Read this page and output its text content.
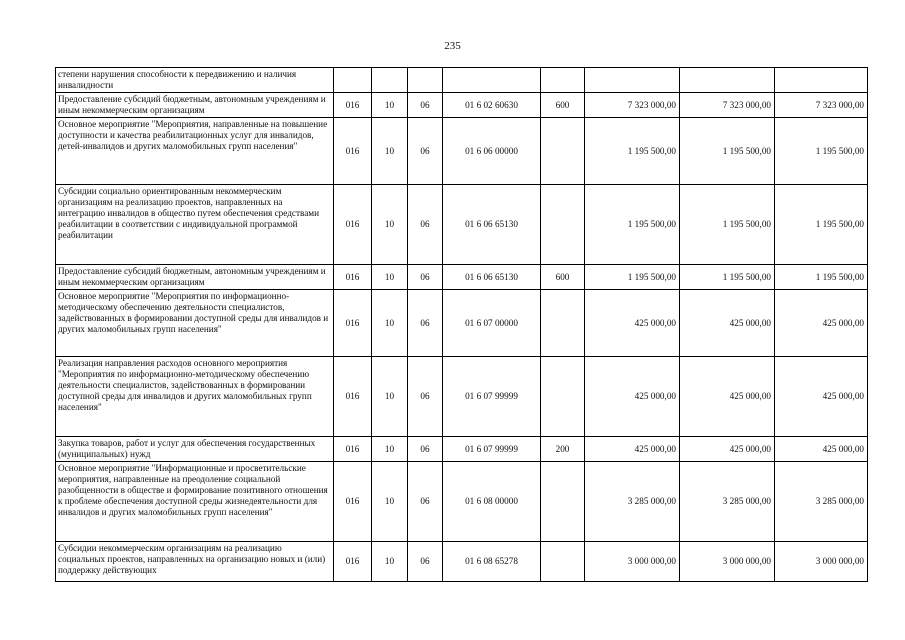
235
степени нарушения способности к передвижению и наличия инвалидности								
Предоставление субсидий бюджетным, автономным учреждениям и иным некоммерческим организациям	016	10	06	01 6 02 60630	600	7 323 000,00	7 323 000,00	7 323 000,00
Основное мероприятие "Мероприятия, направленные на повышение доступности и качества реабилитационных услуг для инвалидов, детей-инвалидов и других маломобильных групп населения"	016	10	06	01 6 06 00000		1 195 500,00	1 195 500,00	1 195 500,00
Субсидии социально ориентированным некоммерческим организациям на реализацию проектов, направленных на интеграцию инвалидов в общество путем обеспечения средствами реабилитации в соответствии с индивидуальной программой реабилитации	016	10	06	01 6 06 65130		1 195 500,00	1 195 500,00	1 195 500,00
Предоставление субсидий бюджетным, автономным учреждениям и иным некоммерческим организациям	016	10	06	01 6 06 65130	600	1 195 500,00	1 195 500,00	1 195 500,00
Основное мероприятие "Мероприятия по информационно-методическому обеспечению деятельности специалистов, задействованных в формировании доступной среды для инвалидов и других маломобильных групп населения"	016	10	06	01 6 07 00000		425 000,00	425 000,00	425 000,00
Реализация направления расходов основного мероприятия "Мероприятия по информационно-методическому обеспечению деятельности специалистов, задействованных в формировании доступной среды для инвалидов и других маломобильных групп населения"	016	10	06	01 6 07 99999		425 000,00	425 000,00	425 000,00
Закупка товаров, работ и услуг для обеспечения государственных (муниципальных) нужд	016	10	06	01 6 07 99999	200	425 000,00	425 000,00	425 000,00
Основное мероприятие "Информационные и просветительские мероприятия, направленные на преодоление социальной разобщенности в обществе и формирование позитивного отношения к проблеме обеспечения доступной среды жизнедеятельности для инвалидов и других маломобильных групп населения"	016	10	06	01 6 08 00000		3 285 000,00	3 285 000,00	3 285 000,00
Субсидии некоммерческим организациям на реализацию социальных проектов, направленных на организацию новых и (или) поддержку действующих	016	10	06	01 6 08 65278		3 000 000,00	3 000 000,00	3 000 000,00
